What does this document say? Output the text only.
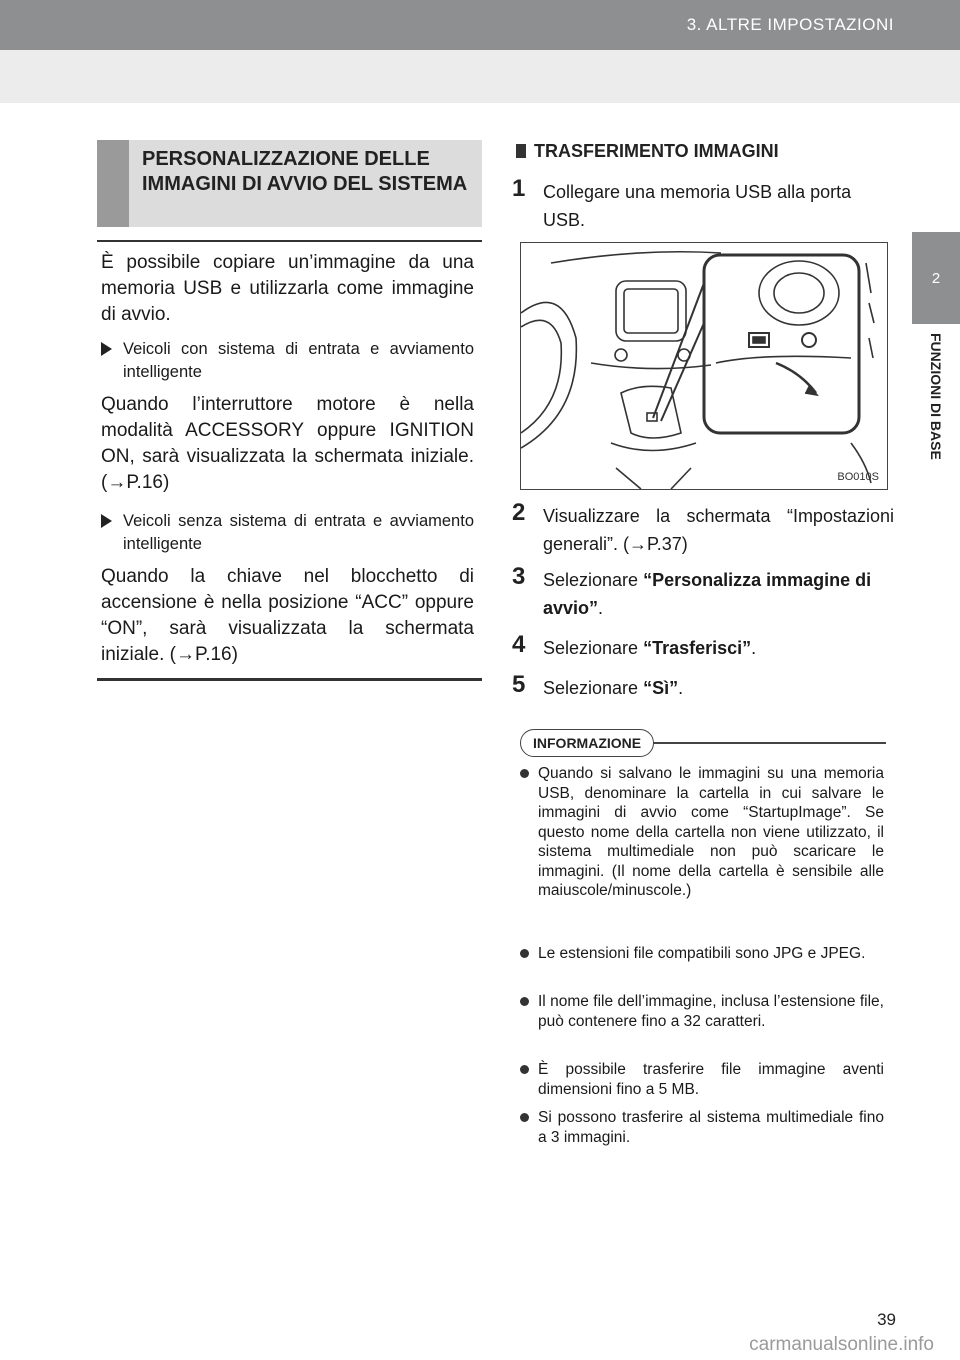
3. ALTRE IMPOSTAZIONI
2
FUNZIONI DI BASE
PERSONALIZZAZIONE DELLE IMMAGINI DI AVVIO DEL SISTEMA

È possibile copiare un’immagine da una memoria USB e utilizzarla come immagine di avvio.

Veicoli con sistema di entrata e avviamento intelligente

Quando l’interruttore motore è nella modalità ACCESSORY oppure IGNITION ON, sarà visualizzata la schermata iniziale. (→P.16)

Veicoli senza sistema di entrata e avviamento intelligente

Quando la chiave nel blocchetto di accensione è nella posizione “ACC” oppure “ON”, sarà visualizzata la schermata iniziale. (→P.16)

TRASFERIMENTO IMMAGINI
1 Collegare una memoria USB alla porta USB.
BO010S
2 Visualizzare la schermata “Impostazioni generali”. (→P.37)
3 Selezionare “Personalizza immagine di avvio”.
4 Selezionare “Trasferisci”.
5 Selezionare “Sì”.
INFORMAZIONE
Quando si salvano le immagini su una memoria USB, denominare la cartella in cui salvare le immagini di avvio come “StartupImage”. Se questo nome della cartella non viene utilizzato, il sistema multimediale non può scaricare le immagini. (Il nome della cartella è sensibile alle maiuscole/minuscole.)
Le estensioni file compatibili sono JPG e JPEG.
Il nome file dell’immagine, inclusa l’estensione file, può contenere fino a 32 caratteri.
È possibile trasferire file immagine aventi dimensioni fino a 5 MB.
Si possono trasferire al sistema multimediale fino a 3 immagini.
39
carmanualsonline.info
